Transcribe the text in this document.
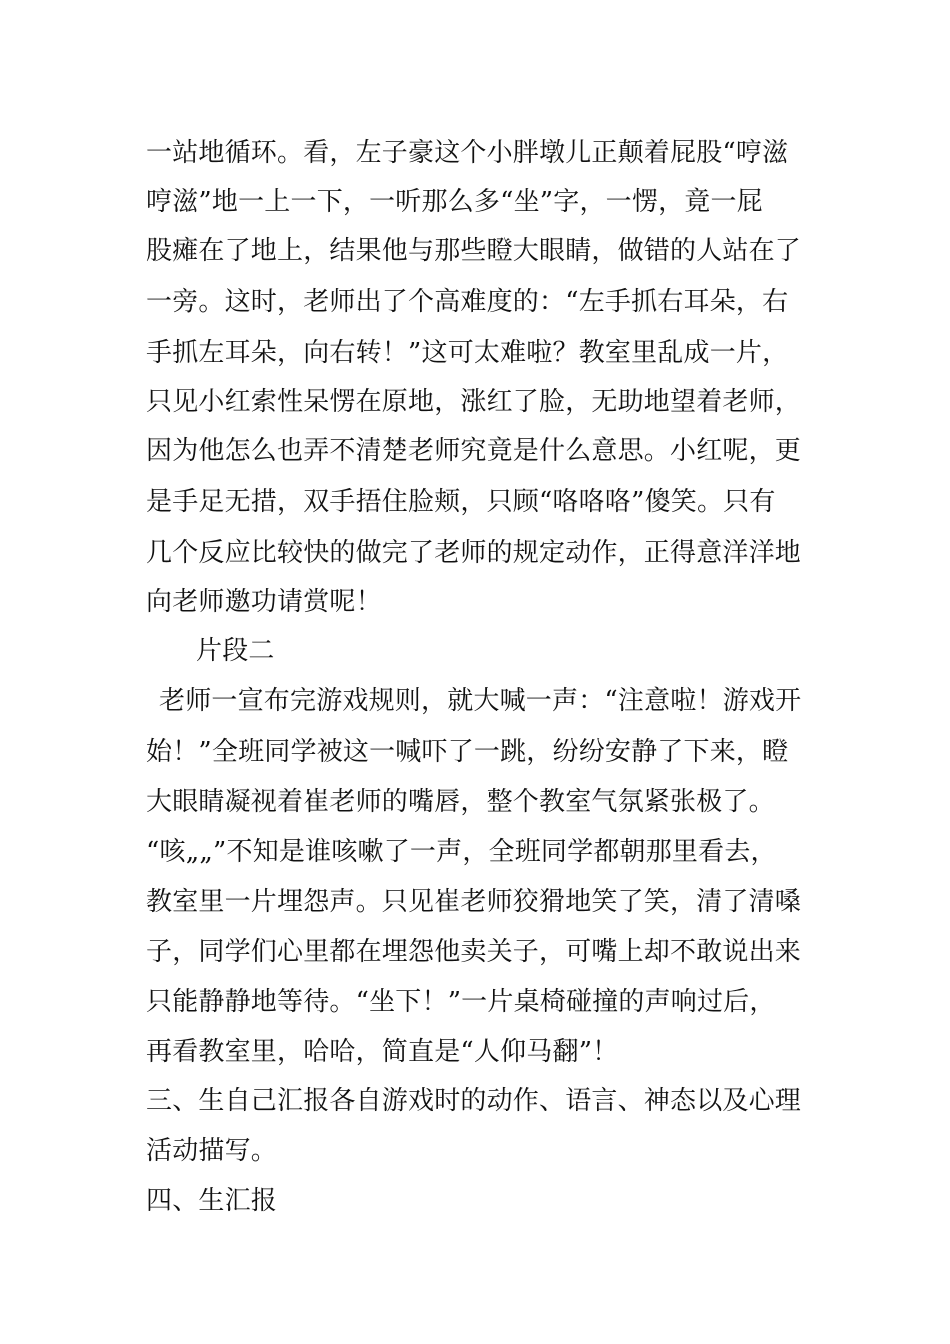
一站地循环。看，左子豪这个小胖墩儿正颠着屁股“哼滋
哼滋”地一上一下，一听那么多“坐”字，一愣，竟一屁
股瘫在了地上，结果他与那些瞪大眼睛，做错的人站在了
一旁。这时，老师出了个高难度的：“左手抓右耳朵，右
手抓左耳朵，向右转！”这可太难啦？教室里乱成一片，
只见小红索性呆愣在原地，涨红了脸，无助地望着老师，
因为他怎么也弄不清楚老师究竟是什么意思。小红呢，更
是手足无措，双手捂住脸颊，只顾“咯咯咯”傻笑。只有
几个反应比较快的做完了老师的规定动作，正得意洋洋地
向老师邀功请赏呢！
片段二
老师一宣布完游戏规则，就大喊一声：“注意啦！游戏开
始！”全班同学被这一喊吓了一跳，纷纷安静了下来，瞪
大眼睛凝视着崔老师的嘴唇，整个教室气氛紧张极了。
“咳„„”不知是谁咳嗽了一声，全班同学都朝那里看去，
教室里一片埋怨声。只见崔老师狡猾地笑了笑，清了清嗓
子，同学们心里都在埋怨他卖关子，可嘴上却不敢说出来
只能静静地等待。“坐下！”一片桌椅碰撞的声响过后，
再看教室里，哈哈，简直是“人仰马翻”！
三、生自己汇报各自游戏时的动作、语言、神态以及心理
活动描写。
四、生汇报
